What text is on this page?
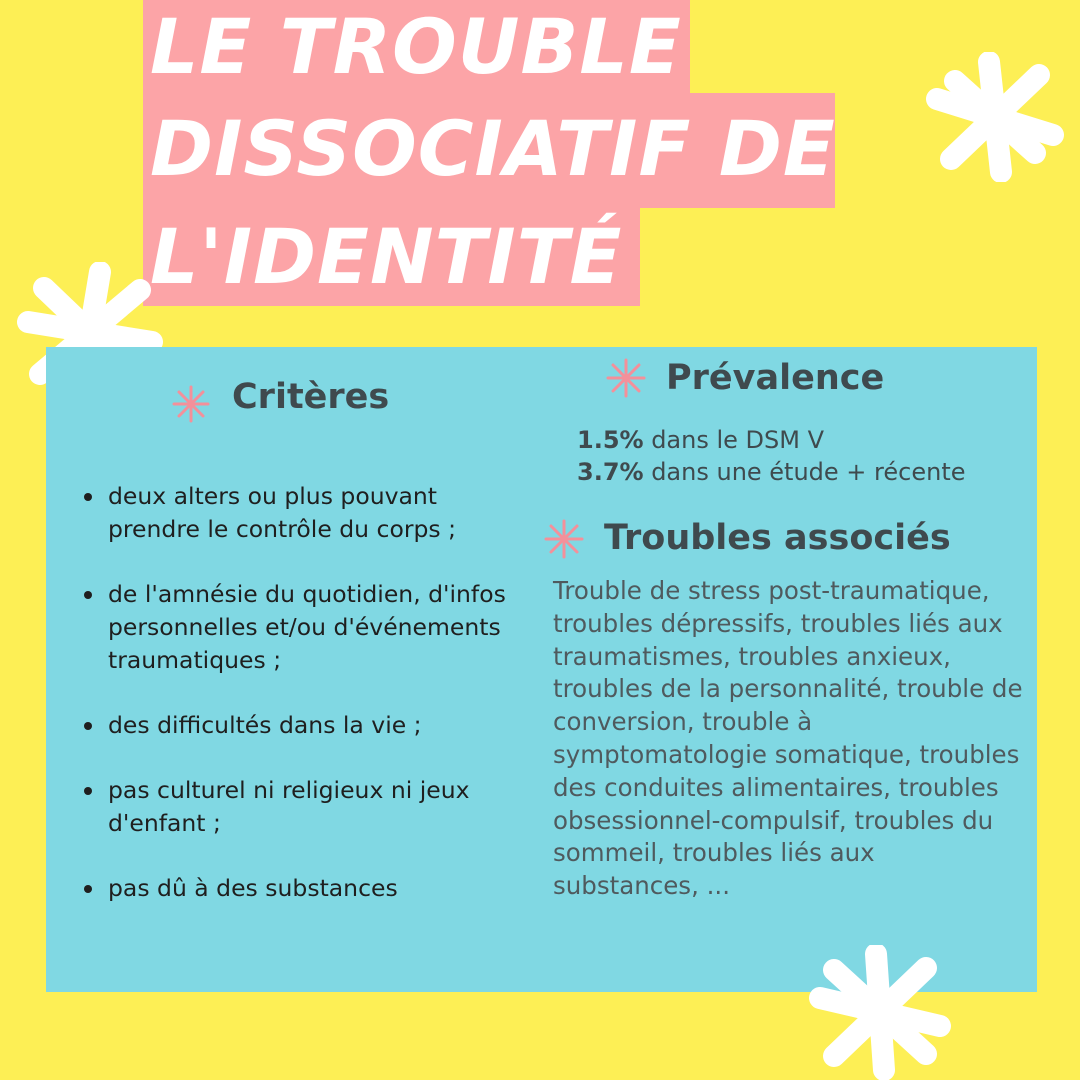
LE TROUBLE
DISSOCIATIF DE
L'IDENTITÉ
Critères
deux alters ou plus pouvant prendre le contrôle du corps ;
de l'amnésie du quotidien, d'infos personnelles et/ou d'événements traumatiques ;
des difficultés dans la vie ;
pas culturel ni religieux ni jeux d'enfant ;
pas dû à des substances
Prévalence

1.5% dans le DSM V

3.7% dans une étude + récente

Troubles associés

Trouble de stress post-traumatique, troubles dépressifs, troubles liés aux traumatismes, troubles anxieux, troubles de la personnalité, trouble de conversion, trouble à symptomatologie somatique, troubles des conduites alimentaires, troubles obsessionnel-compulsif, troubles du sommeil, troubles liés aux substances, ...
